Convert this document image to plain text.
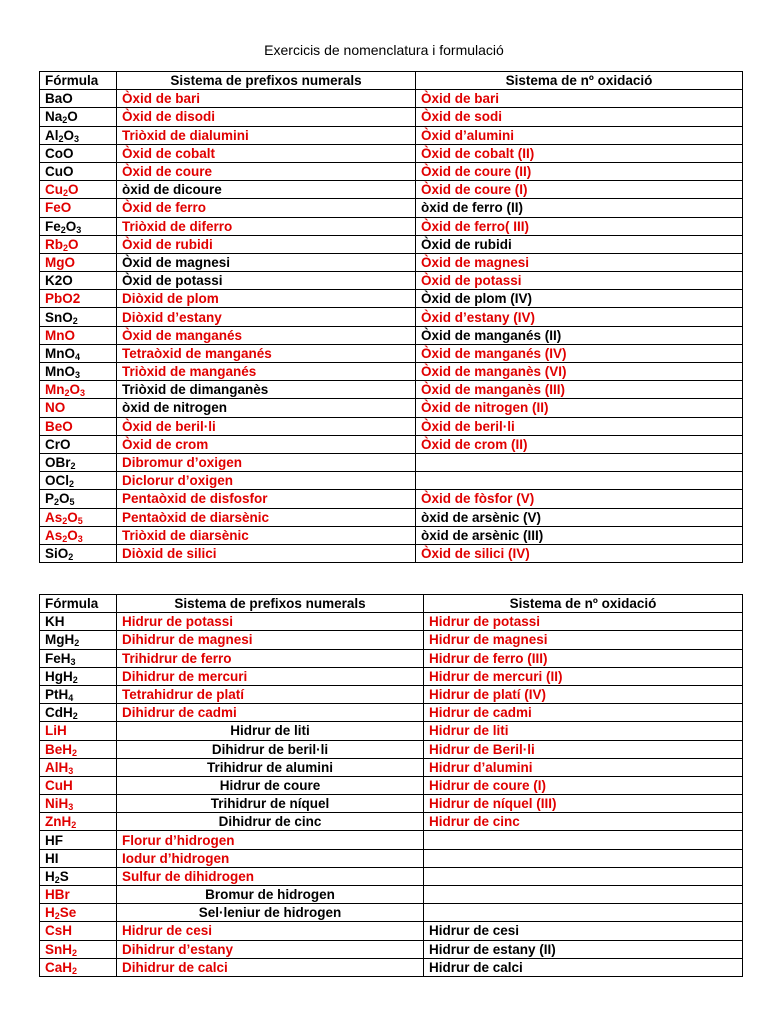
Exercicis de nomenclatura i formulació
Fórmula	Sistema de prefixos numerals	Sistema de nº oxidació
BaO	Òxid de bari	Òxid de bari
$Na_2O$	Òxid de disodi	Òxid de sodi
$Al_2O_3$	Triòxid de dialumini	Òxid d’alumini
CoO	Òxid de cobalt	Òxid de cobalt (II)
CuO	Òxid de coure	Òxid de coure (II)
$Cu_2O$	òxid de dicoure	Òxid de coure (I)
FeO	Òxid de ferro	òxid de ferro (II)
$Fe_2O_3$	Triòxid de diferro	Òxid de ferro( III)
$Rb_2O$	Òxid de rubidi	Òxid de rubidi
MgO	Òxid de magnesi	Òxid de magnesi
K2O	Òxid de potassi	Òxid de potassi
PbO2	Diòxid de plom	Òxid de plom (IV)
SnO$_2$	Diòxid d’estany	Òxid d’estany (IV)
MnO	Òxid de manganés	Òxid de manganés (II)
MnO$_4$	Tetraòxid de manganés	Òxid de manganés (IV)
MnO$_3$	Triòxid de manganés	Òxid de manganès (VI)
$Mn_2O_3$	Triòxid de dimanganès	Òxid de manganès (III)
NO	òxid de nitrogen	Òxid de nitrogen (II)
BeO	Òxid de beril·li	Òxid de beril·li
CrO	Òxid de crom	Òxid de crom (II)
OBr$_2$	Dibromur d’oxigen	
OCl$_2$	Diclorur d’oxigen	
$P_2O_5$	Pentaòxid de disfosfor	Òxid de fòsfor (V)
$As_2O_5$	Pentaòxid de diarsènic	òxid de arsènic (V)
$As_2O_3$	Triòxid de diarsènic	òxid de arsènic (III)
SiO$_2$	Diòxid de silici	Òxid de silici (IV)
Fórmula	Sistema de prefixos numerals	Sistema de nº oxidació
KH	Hidrur de potassi	Hidrur de potassi
MgH$_2$	Dihidrur de magnesi	Hidrur de magnesi
FeH$_3$	Trihidrur de ferro	Hidrur de ferro (III)
HgH$_2$	Dihidrur de mercuri	Hidrur de mercuri (II)
PtH$_4$	Tetrahidrur de platí	Hidrur de platí (IV)
CdH$_2$	Dihidrur de cadmi	Hidrur de cadmi
LiH	Hidrur de liti	Hidrur de liti
BeH$_2$	Dihidrur de beril·li	Hidrur de Beril·li
AlH$_3$	Trihidrur de alumini	Hidrur d’alumini
CuH	Hidrur de coure	Hidrur de coure (I)
NiH$_3$	Trihidrur de níquel	Hidrur de níquel (III)
ZnH$_2$	Dihidrur de cinc	Hidrur de cinc
HF	Florur d’hidrogen	
HI	Iodur d’hidrogen	
$H_2S$	Sulfur de dihidrogen	
HBr	Bromur de hidrogen	
$H_2Se$	Sel·leniur de hidrogen	
CsH	Hidrur de cesi	Hidrur de cesi
SnH$_2$	Dihidrur d’estany	Hidrur de estany (II)
CaH$_2$	Dihidrur de calci	Hidrur de calci
